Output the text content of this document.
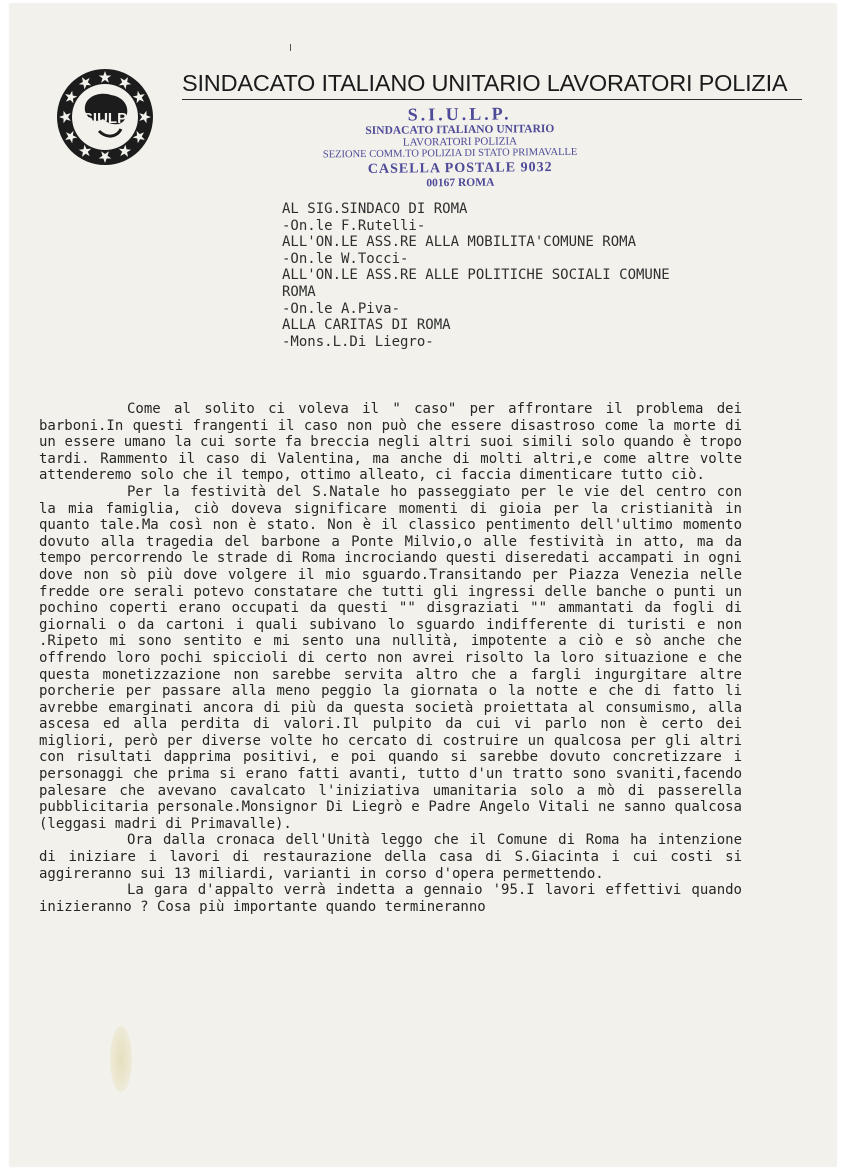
SIULP
SINDACATO ITALIANO UNITARIO LAVORATORI POLIZIA
S.I.U.L.P.
SINDACATO ITALIANO UNITARIO
LAVORATORI POLIZIA
SEZIONE COMM.TO POLIZIA DI STATO PRIMAVALLE
CASELLA POSTALE 9032
00167 ROMA
AL SIG.SINDACO DI ROMA
-On.le F.Rutelli-
ALL'ON.LE ASS.RE ALLA MOBILITA'COMUNE ROMA
-On.le W.Tocci-
ALL'ON.LE ASS.RE ALLE POLITICHE SOCIALI COMUNE
ROMA
-On.le A.Piva-
ALLA CARITAS DI ROMA
-Mons.L.Di Liegro-

Come al solito ci voleva il " caso" per affrontare il problema dei barboni.In questi frangenti il caso non può che essere disastroso come la morte di un essere umano la cui sorte fa breccia negli altri suoi simili solo quando è tropo tardi. Rammento il caso di Valentina, ma anche di molti altri,e come altre volte attenderemo solo che il tempo, ottimo alleato, ci faccia dimenticare tutto ciò.

Per la festività del S.Natale ho passeggiato per le vie del centro con la mia famiglia, ciò doveva significare momenti di gioia per la cristianità in quanto tale.Ma così non è stato. Non è il classico pentimento dell'ultimo momento dovuto alla tragedia del barbone a Ponte Milvio,o alle festività in atto, ma da tempo percorrendo le strade di Roma incrociando questi diseredati accampati in ogni dove non sò più dove volgere il mio sguardo.Transitando per Piazza Venezia nelle fredde ore serali potevo constatare che tutti gli ingressi delle banche o punti un pochino coperti erano occupati da questi "" disgraziati "" ammantati da fogli di giornali o da cartoni i quali subivano lo sguardo indifferente di turisti e non .Ripeto mi sono sentito e mi sento una nullità, impotente a ciò e sò anche che offrendo loro pochi spiccioli di certo non avrei risolto la loro situazione e che questa monetizzazione non sarebbe servita altro che a fargli ingurgitare altre porcherie per passare alla meno peggio la giornata o la notte e che di fatto li avrebbe emarginati ancora di più da questa società proiettata al consumismo, alla ascesa ed alla perdita di valori.Il pulpito da cui vi parlo non è certo dei migliori, però per diverse volte ho cercato di costruire un qualcosa per gli altri con risultati dapprima positivi, e poi quando si sarebbe dovuto concretizzare i personaggi che prima si erano fatti avanti, tutto d'un tratto sono svaniti,facendo palesare che avevano cavalcato l'iniziativa umanitaria solo a mò di passerella pubblicitaria personale.Monsignor Di Liegrò e Padre Angelo Vitali ne sanno qualcosa (leggasi madri di Primavalle).

Ora dalla cronaca dell'Unità leggo che il Comune di Roma ha intenzione di iniziare i lavori di restaurazione della casa di S.Giacinta i cui costi si aggireranno sui 13 miliardi, varianti in corso d'opera permettendo.

La gara d'appalto verrà indetta a gennaio '95.I lavori effettivi quando inizieranno ? Cosa più importante quando termineranno
